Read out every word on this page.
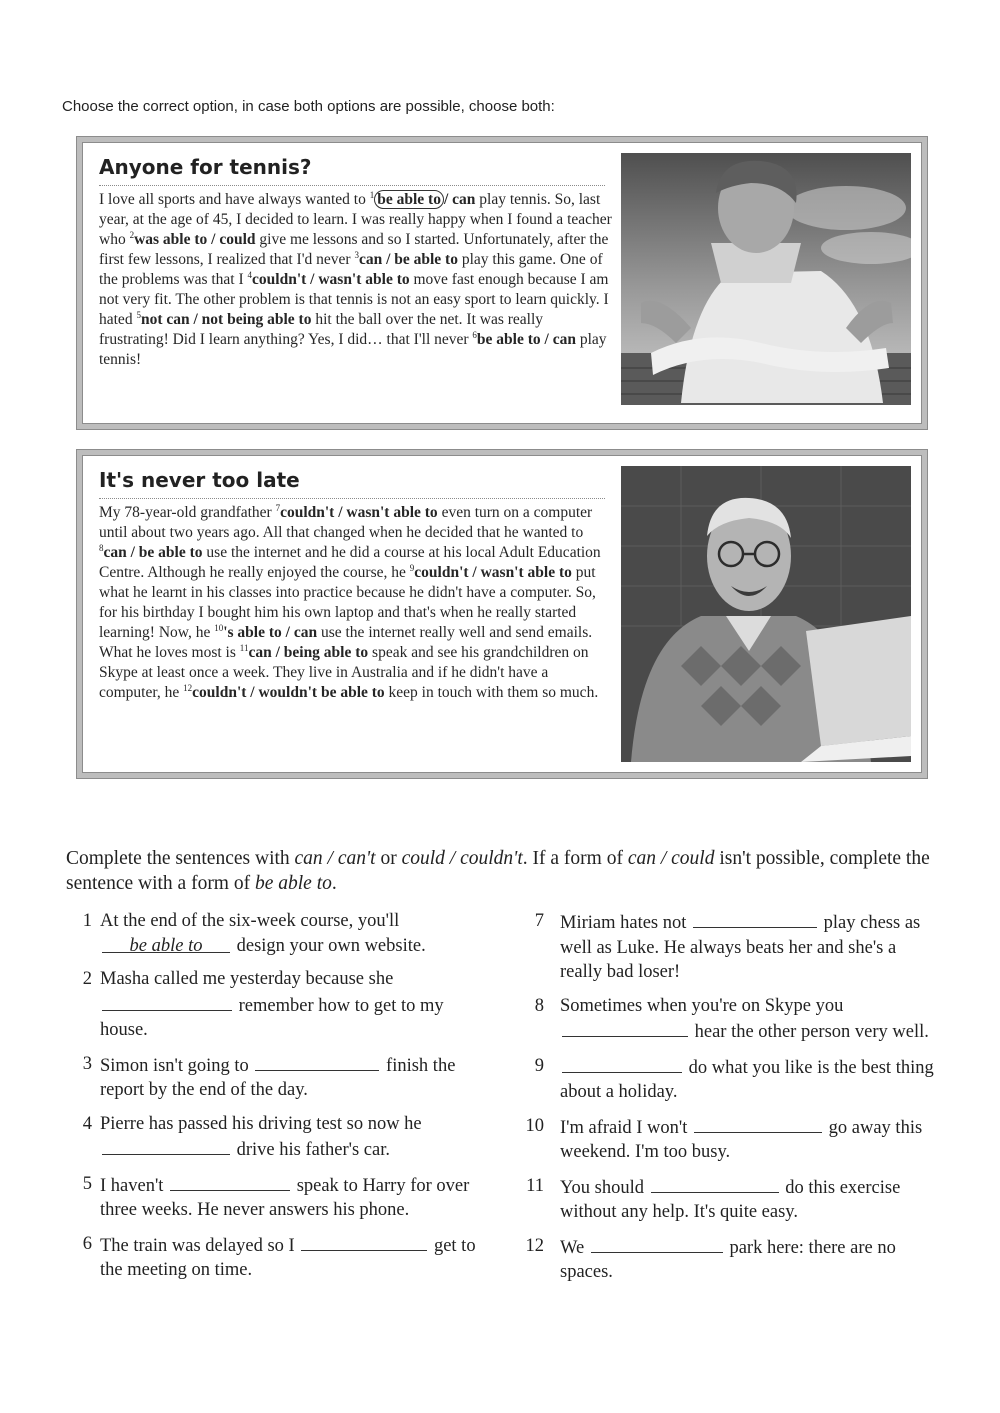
Choose the correct option, in case both options are possible, choose both:
Anyone for tennis?
I love all sports and have always wanted to $^1$ be able to / can play tennis. So, last year, at the age of 45, I decided to learn. I was really happy when I found a teacher who $^2$was able to / could give me lessons and so I started. Unfortunately, after the first few lessons, I realized that I'd never $^3$can / be able to play this game. One of the problems was that I $^4$couldn't / wasn't able to move fast enough because I am not very fit. The other problem is that tennis is not an easy sport to learn quickly. I hated $^5$not can / not being able to hit the ball over the net. It was really frustrating! Did I learn anything? Yes, I did… that I'll never $^6$be able to / can play tennis!
It's never too late
My 78-year-old grandfather $^7$couldn't / wasn't able to even turn on a computer until about two years ago. All that changed when he decided that he wanted to $^8$can / be able to use the internet and he did a course at his local Adult Education Centre. Although he really enjoyed the course, he $^9$couldn't / wasn't able to put what he learnt in his classes into practice because he didn't have a computer. So, for his birthday I bought him his own laptop and that's when he really started learning! Now, he $^{10}$'s able to / can use the internet really well and send emails. What he loves most is $^{11}$can / being able to speak and see his grandchildren on Skype at least once a week. They live in Australia and if he didn't have a computer, he $^{12}$couldn't / wouldn't be able to keep in touch with them so much.
Complete the sentences with can / can't or could / couldn't. If a form of can / could isn't possible, complete the sentence with a form of be able to.
1 At the end of the six-week course, you'll be able to design your own website.
2 Masha called me yesterday because she  remember how to get to my house.
3 Simon isn't going to	finish the report by the end of the day.
4 Pierre has passed his driving test so now he  drive his father's car.
5 I haven't	speak to Harry for over three weeks. He never answers his phone.
6 The train was delayed so I	get to the meeting on time.
7 Miriam hates not	play chess as well as Luke. He always beats her and she's a really bad loser!
8 Sometimes when you're on Skype you  hear the other person very well.
9	do what you like is the best thing about a holiday.
10 I'm afraid I won't	go away this weekend. I'm too busy.
11 You should	do this exercise without any help. It's quite easy.
12 We	park here: there are no spaces.
